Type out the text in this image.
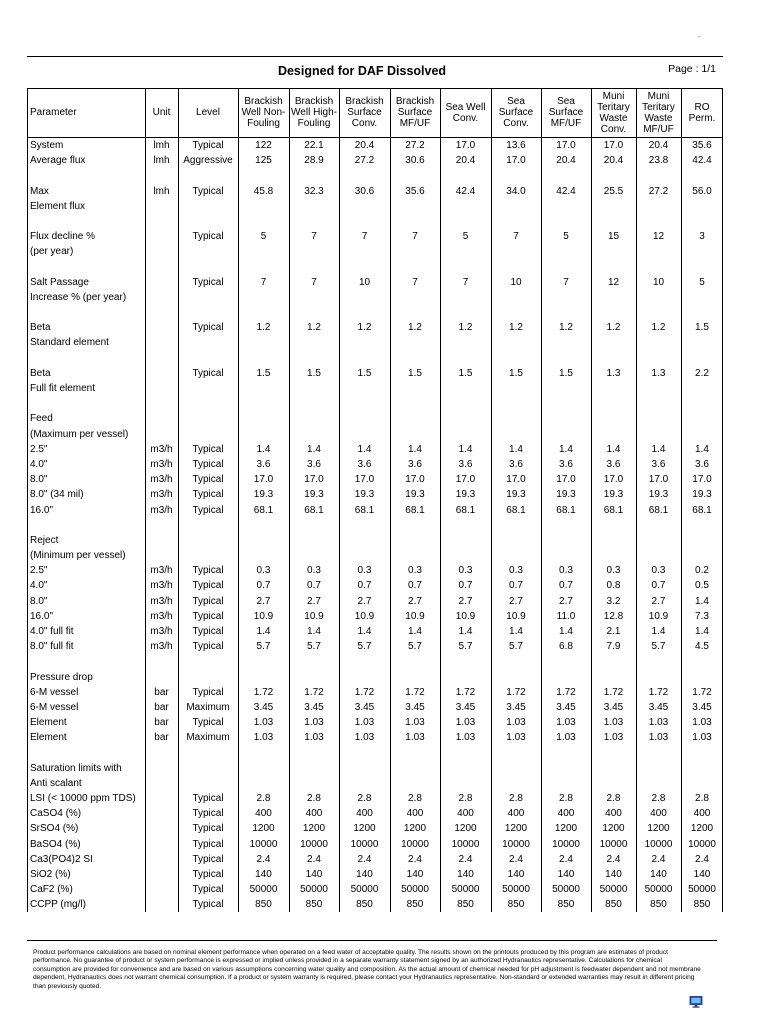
-
Designed for DAF Dissolved	Page : 1/1
Parameter	Unit	Level	Brackish Well Non-Fouling	Brackish Well High-Fouling	Brackish Surface Conv.	Brackish Surface MF/UF	Sea Well Conv.	Sea Surface Conv.	Sea Surface MF/UF	Muni Teritary Waste Conv.	Muni Teritary Waste MF/UF	RO Perm.
System	lmh	Typical	122	22.1	20.4	27.2	17.0	13.6	17.0	17.0	20.4	35.6
Average flux	lmh	Aggressive	125	28.9	27.2	30.6	20.4	17.0	20.4	20.4	23.8	42.4

Max	lmh	Typical	45.8	32.3	30.6	35.6	42.4	34.0	42.4	25.5	27.2	56.0
Element flux												

Flux decline %		Typical	5	7	7	7	5	7	5	15	12	3
(per year)												

Salt Passage		Typical	7	7	10	7	7	10	7	12	10	5
Increase % (per year)												

Beta		Typical	1.2	1.2	1.2	1.2	1.2	1.2	1.2	1.2	1.2	1.5
Standard element												

Beta		Typical	1.5	1.5	1.5	1.5	1.5	1.5	1.5	1.3	1.3	2.2
Full fit element												

Feed												
(Maximum per vessel)												
2.5"	m3/h	Typical	1.4	1.4	1.4	1.4	1.4	1.4	1.4	1.4	1.4	1.4
4.0"	m3/h	Typical	3.6	3.6	3.6	3.6	3.6	3.6	3.6	3.6	3.6	3.6
8.0"	m3/h	Typical	17.0	17.0	17.0	17.0	17.0	17.0	17.0	17.0	17.0	17.0
8.0" (34 mil)	m3/h	Typical	19.3	19.3	19.3	19.3	19.3	19.3	19.3	19.3	19.3	19.3
16.0"	m3/h	Typical	68.1	68.1	68.1	68.1	68.1	68.1	68.1	68.1	68.1	68.1

Reject												
(Minimum per vessel)												
2.5"	m3/h	Typical	0.3	0.3	0.3	0.3	0.3	0.3	0.3	0.3	0.3	0.2
4.0"	m3/h	Typical	0.7	0.7	0.7	0.7	0.7	0.7	0.7	0.8	0.7	0.5
8.0"	m3/h	Typical	2.7	2.7	2.7	2.7	2.7	2.7	2.7	3.2	2.7	1.4
16.0"	m3/h	Typical	10.9	10.9	10.9	10.9	10.9	10.9	11.0	12.8	10.9	7.3
4.0" full fit	m3/h	Typical	1.4	1.4	1.4	1.4	1.4	1.4	1.4	2.1	1.4	1.4
8.0" full fit	m3/h	Typical	5.7	5.7	5.7	5.7	5.7	5.7	6.8	7.9	5.7	4.5

Pressure drop												
6-M vessel	bar	Typical	1.72	1.72	1.72	1.72	1.72	1.72	1.72	1.72	1.72	1.72
6-M vessel	bar	Maximum	3.45	3.45	3.45	3.45	3.45	3.45	3.45	3.45	3.45	3.45
Element	bar	Typical	1.03	1.03	1.03	1.03	1.03	1.03	1.03	1.03	1.03	1.03
Element	bar	Maximum	1.03	1.03	1.03	1.03	1.03	1.03	1.03	1.03	1.03	1.03

Saturation limits with												
Anti scalant												
LSI (< 10000 ppm TDS)		Typical	2.8	2.8	2.8	2.8	2.8	2.8	2.8	2.8	2.8	2.8
CaSO4 (%)		Typical	400	400	400	400	400	400	400	400	400	400
SrSO4 (%)		Typical	1200	1200	1200	1200	1200	1200	1200	1200	1200	1200
BaSO4 (%)		Typical	10000	10000	10000	10000	10000	10000	10000	10000	10000	10000
Ca3(PO4)2 SI		Typical	2.4	2.4	2.4	2.4	2.4	2.4	2.4	2.4	2.4	2.4
SiO2 (%)		Typical	140	140	140	140	140	140	140	140	140	140
CaF2 (%)		Typical	50000	50000	50000	50000	50000	50000	50000	50000	50000	50000
CCPP (mg/l)		Typical	850	850	850	850	850	850	850	850	850	850
Product performance calculations are based on nominal element performance when operated on a feed water of acceptable quality. The results shown on the printouts produced by this program are estimates of product performance. No guarantee of product or system performance is expressed or implied unless provided in a separate warranty statement signed by an authorized Hydranautics representative. Calculations for chemical consumption are provided for convenience and are based on various assumptions concerning water quality and composition. As the actual amount of chemical needed for pH adjustment is feedwater dependent and not membrane dependent, Hydranautics does not warrant chemical consumption. If a product or system warranty is required, please contact your Hydranautics representative. Non-standard or extended warranties may result in different pricing than previously quoted.
